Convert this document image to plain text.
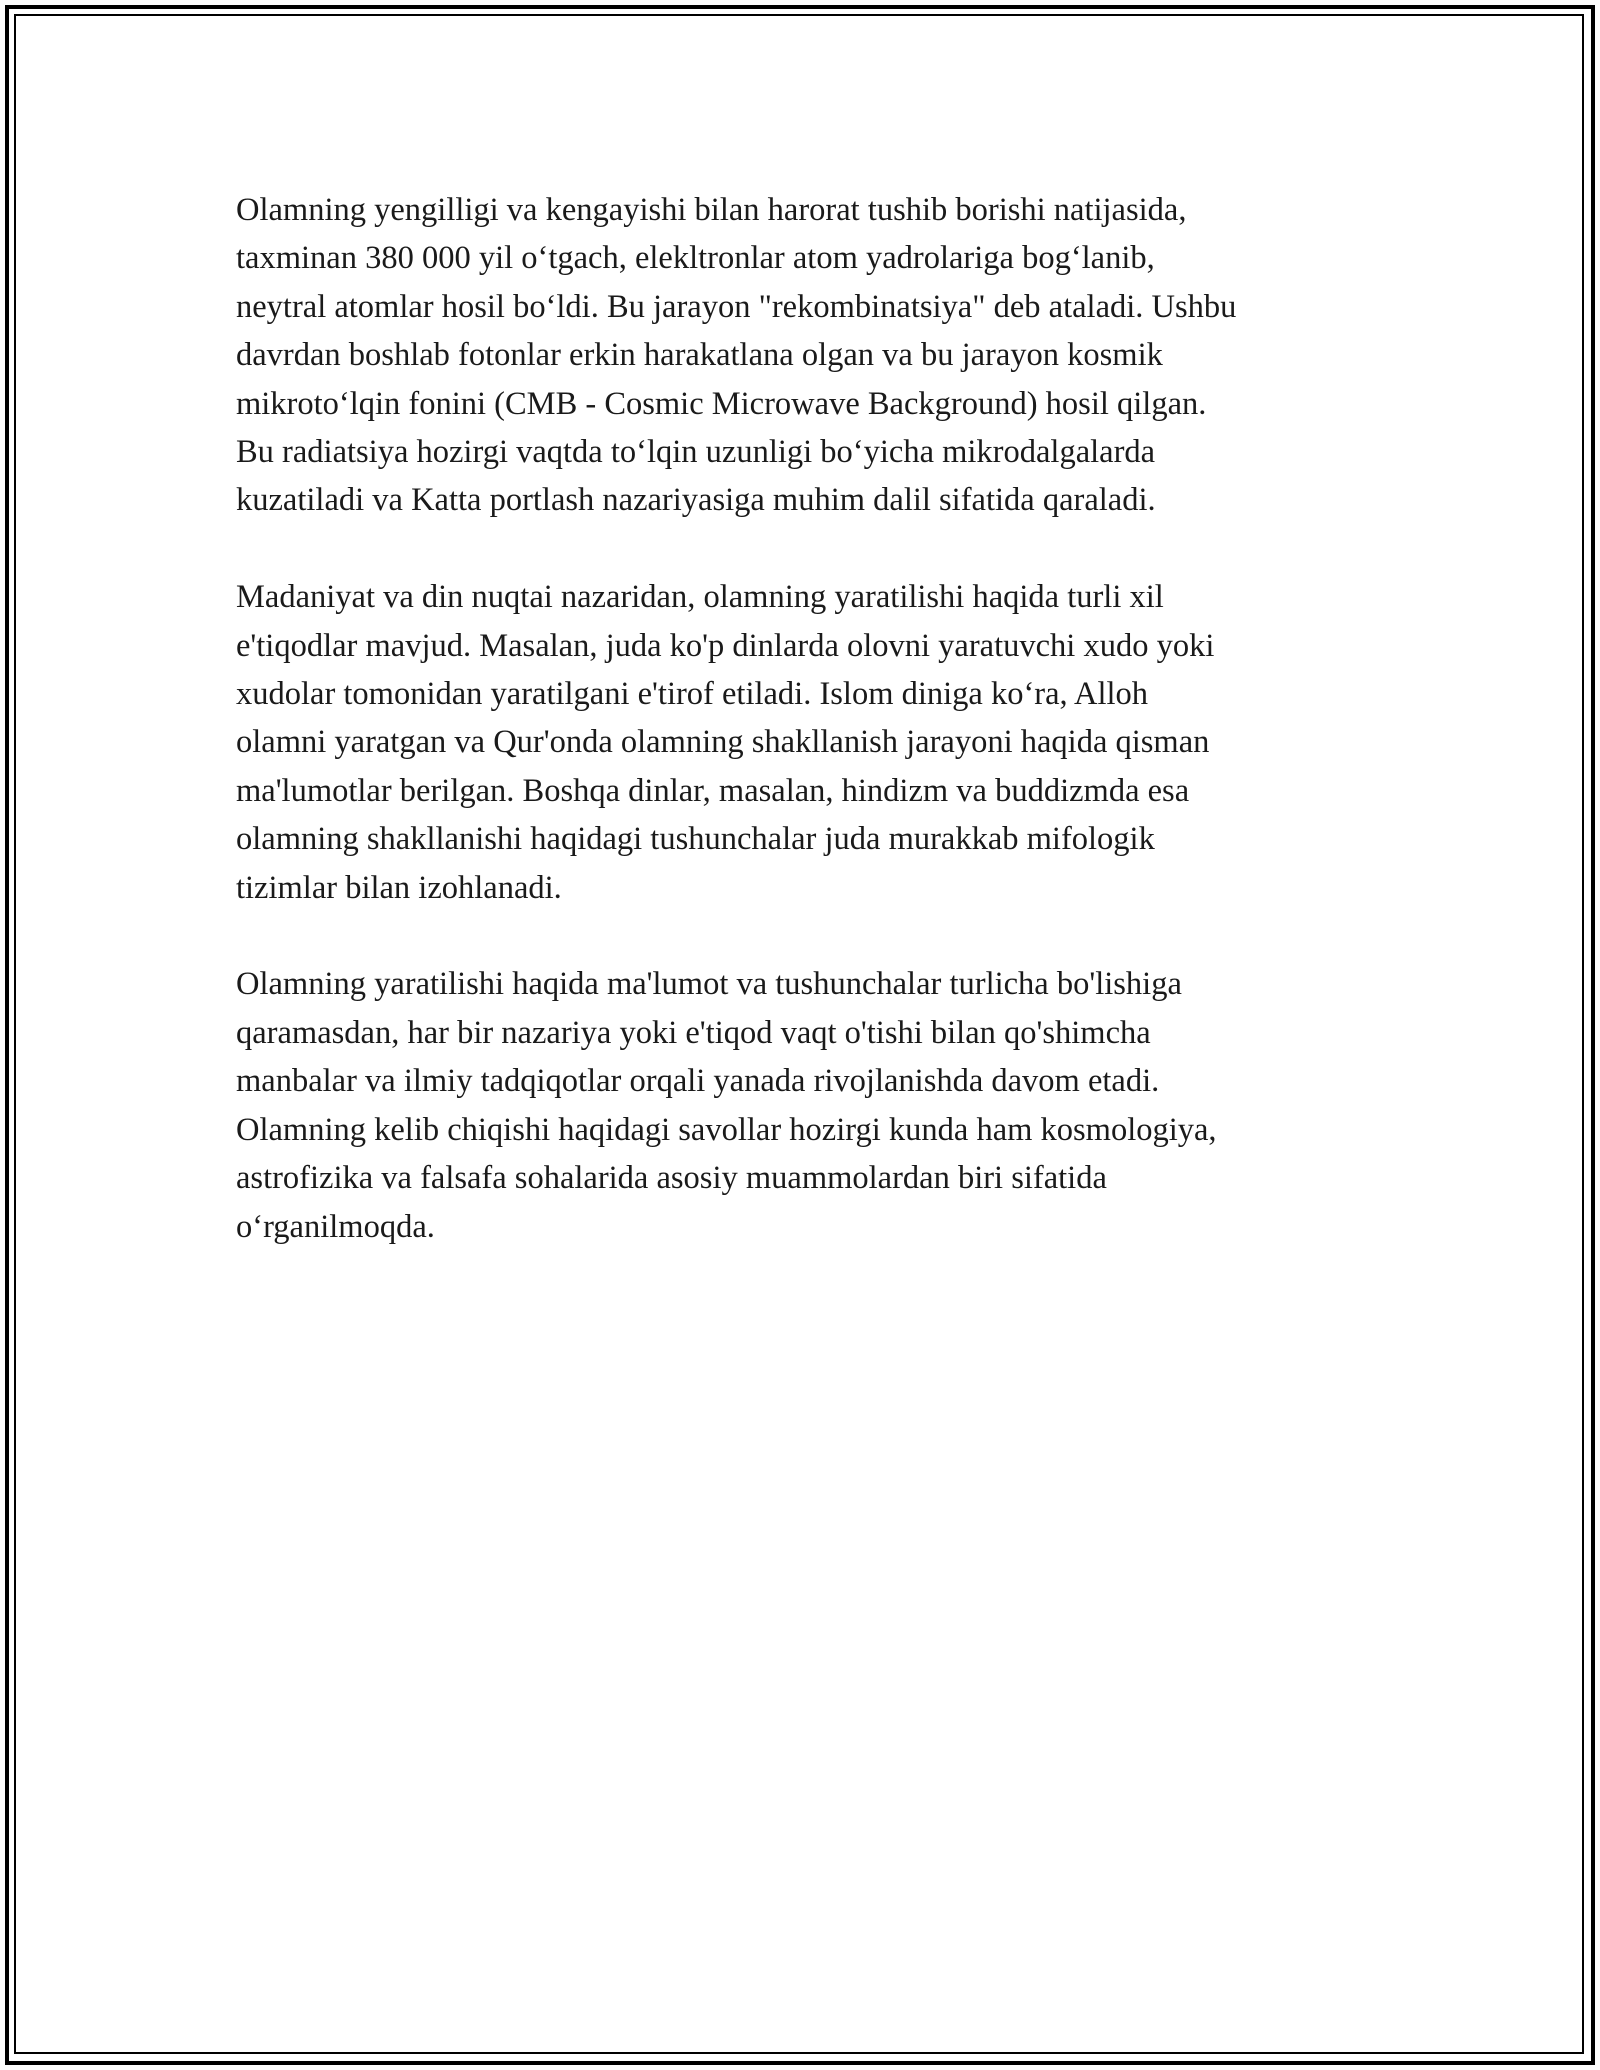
Olamning yengilligi va kengayishi bilan harorat tushib borishi natijasida,
taxminan 380 000 yil oʻtgach, elekltronlar atom yadrolariga bogʻlanib,
neytral atomlar hosil boʻldi. Bu jarayon "rekombinatsiya" deb ataladi. Ushbu
davrdan boshlab fotonlar erkin harakatlana olgan va bu jarayon kosmik
mikrotoʻlqin fonini (CMB - Cosmic Microwave Background) hosil qilgan.
Bu radiatsiya hozirgi vaqtda toʻlqin uzunligi boʻyicha mikrodalgalarda
kuzatiladi va Katta portlash nazariyasiga muhim dalil sifatida qaraladi.

Madaniyat va din nuqtai nazaridan, olamning yaratilishi haqida turli xil
e'tiqodlar mavjud. Masalan, juda ko'p dinlarda olovni yaratuvchi xudo yoki
xudolar tomonidan yaratilgani e'tirof etiladi. Islom diniga koʻra, Alloh
olamni yaratgan va Qur'onda olamning shakllanish jarayoni haqida qisman
ma'lumotlar berilgan. Boshqa dinlar, masalan, hindizm va buddizmda esa
olamning shakllanishi haqidagi tushunchalar juda murakkab mifologik
tizimlar bilan izohlanadi.

Olamning yaratilishi haqida ma'lumot va tushunchalar turlicha bo'lishiga
qaramasdan, har bir nazariya yoki e'tiqod vaqt o'tishi bilan qo'shimcha
manbalar va ilmiy tadqiqotlar orqali yanada rivojlanishda davom etadi.
Olamning kelib chiqishi haqidagi savollar hozirgi kunda ham kosmologiya,
astrofizika va falsafa sohalarida asosiy muammolardan biri sifatida
oʻrganilmoqda.
